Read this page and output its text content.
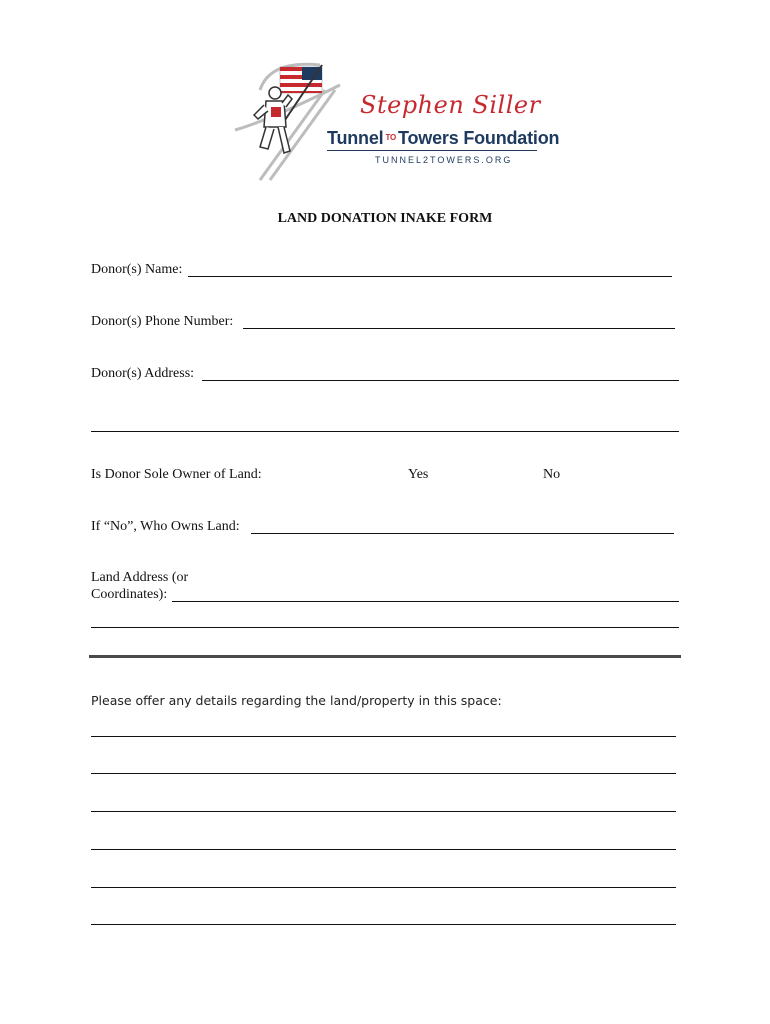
Stephen Siller
Tunnel $^{TO}$ Towers Foundation
TUNNEL2TOWERS.ORG
LAND DONATION INAKE FORM
Donor(s) Name:
Donor(s) Phone Number:
Donor(s) Address:
Is Donor Sole Owner of Land:	Yes	No
If “No”, Who Owns Land:
Land Address (or
Coordinates):
Please offer any details regarding the land/property in this space:
